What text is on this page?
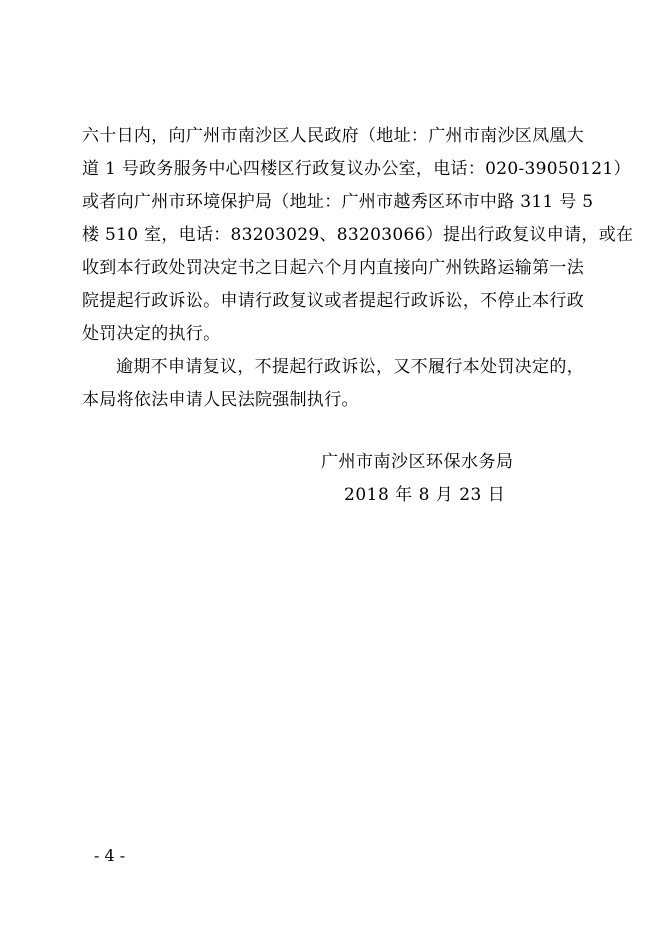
六十日内，向广州市南沙区人民政府（地址：广州市南沙区凤凰大
道 1 号政务服务中心四楼区行政复议办公室，电话：020-39050121）
或者向广州市环境保护局（地址：广州市越秀区环市中路 311 号 5
楼 510 室，电话：83203029、83203066）提出行政复议申请，或在
收到本行政处罚决定书之日起六个月内直接向广州铁路运输第一法
院提起行政诉讼。申请行政复议或者提起行政诉讼，不停止本行政
处罚决定的执行。
逾期不申请复议，不提起行政诉讼，又不履行本处罚决定的，
本局将依法申请人民法院强制执行。
广州市南沙区环保水务局
2018 年 8 月 23 日
- 4 -
